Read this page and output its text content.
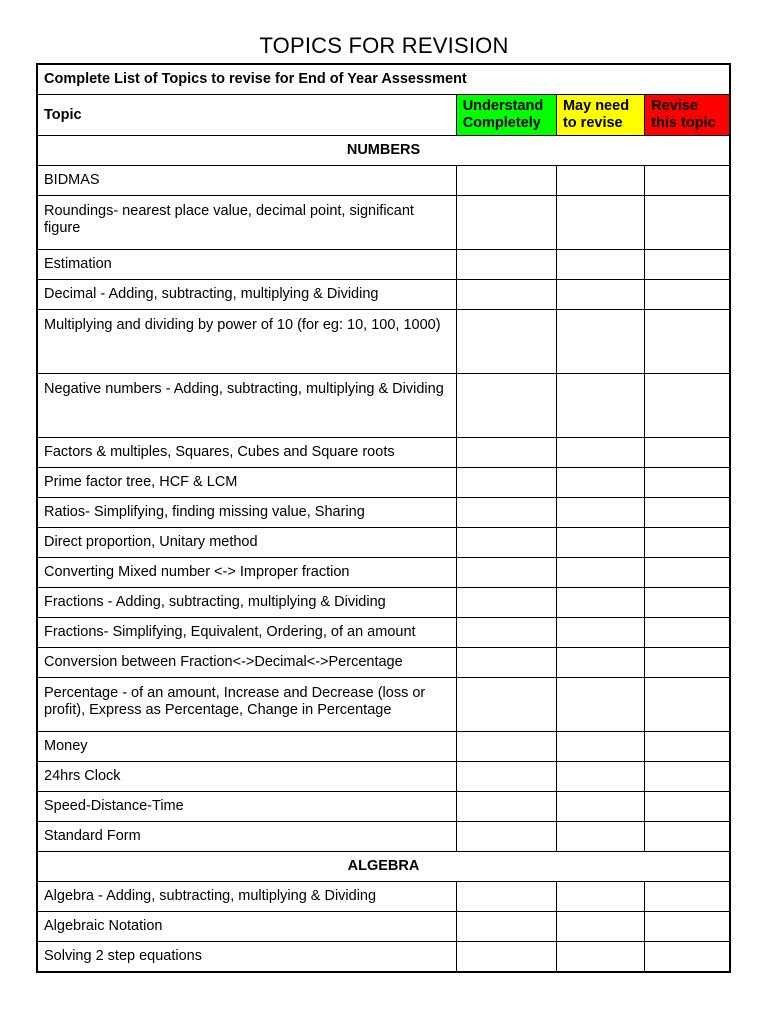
TOPICS FOR REVISION
Complete List of Topics to revise for End of Year Assessment			
Topic	Understand Completely	May need to revise	Revise this topic
NUMBERS			
BIDMAS			
Roundings- nearest place value, decimal point, significant figure			
Estimation			
Decimal - Adding, subtracting, multiplying & Dividing			
Multiplying and dividing by power of 10 (for eg: 10, 100, 1000)			
Negative numbers - Adding, subtracting, multiplying & Dividing			
Factors & multiples, Squares, Cubes and Square roots			
Prime factor tree, HCF & LCM			
Ratios- Simplifying, finding missing value, Sharing			
Direct proportion, Unitary method			
Converting Mixed number <-> Improper fraction			
Fractions - Adding, subtracting, multiplying & Dividing			
Fractions- Simplifying, Equivalent, Ordering, of an amount			
Conversion between Fraction<->Decimal<->Percentage			
Percentage - of an amount, Increase and Decrease (loss or profit), Express as Percentage, Change in Percentage			
Money			
24hrs Clock			
Speed-Distance-Time			
Standard Form			
ALGEBRA			
Algebra - Adding, subtracting, multiplying & Dividing			
Algebraic Notation			
Solving 2 step equations			
